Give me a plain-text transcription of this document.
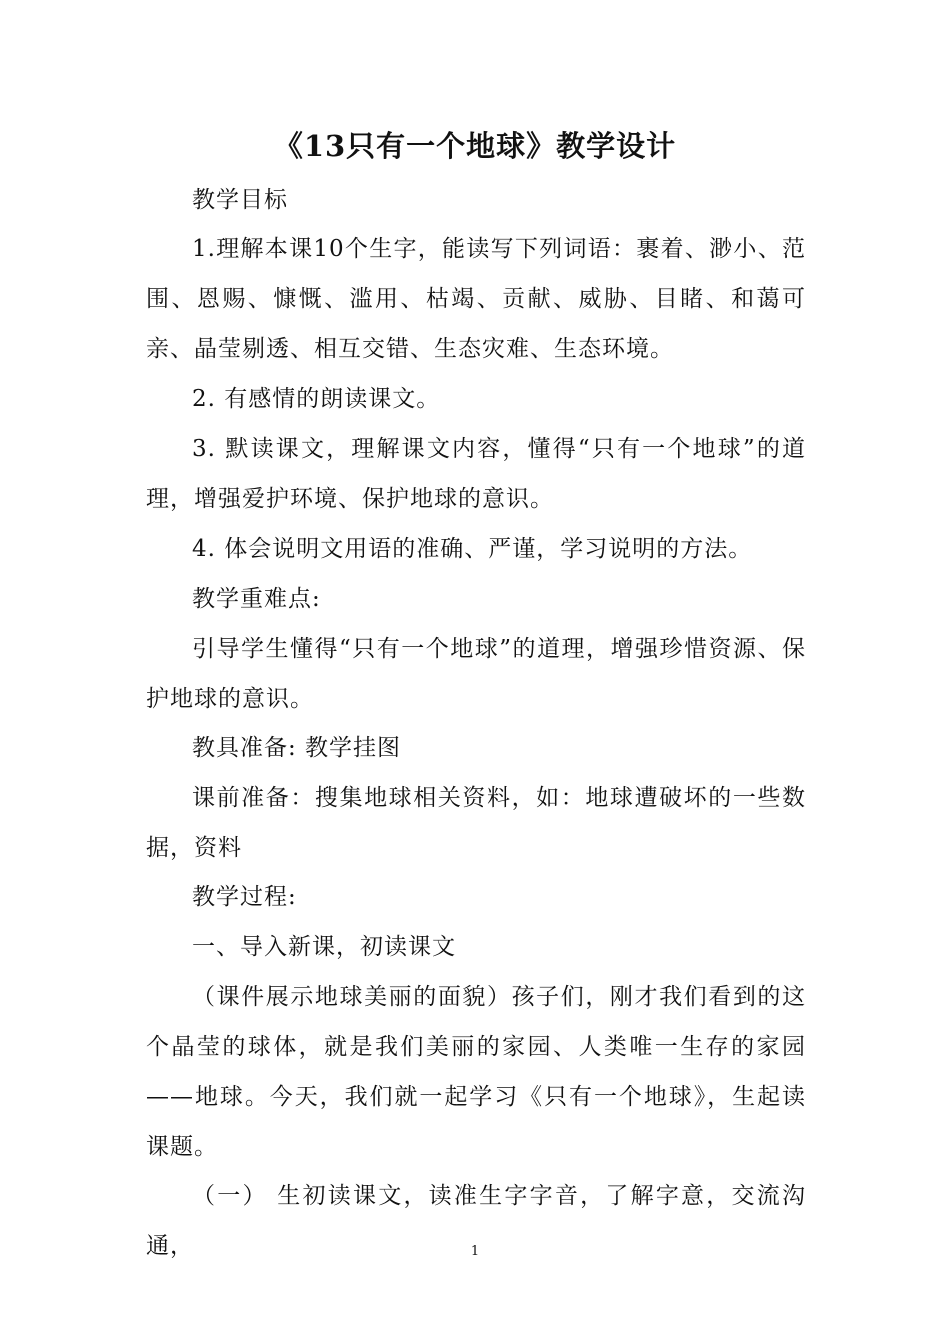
《13只有一个地球》教学设计

教学目标

1.理解本课10个生字，能读写下列词语：裹着、渺小、范围、恩赐、慷慨、滥用、枯竭、贡献、威胁、目睹、和蔼可亲、晶莹剔透、相互交错、生态灾难、生态环境。

2. 有感情的朗读课文。

3. 默读课文，理解课文内容，懂得“只有一个地球”的道理，增强爱护环境、保护地球的意识。

4. 体会说明文用语的准确、严谨，学习说明的方法。

教学重难点:

引导学生懂得“只有一个地球”的道理，增强珍惜资源、保护地球的意识。

教具准备: 教学挂图

课前准备：搜集地球相关资料，如：地球遭破坏的一些数据，资料

教学过程:

一、导入新课，初读课文

（课件展示地球美丽的面貌）孩子们，刚才我们看到的这个晶莹的球体，就是我们美丽的家园、人类唯一生存的家园——地球。今天，我们就一起学习《只有一个地球》，生起读课题。

（一） 生初读课文，读准生字字音，了解字意，交流沟通，	1
